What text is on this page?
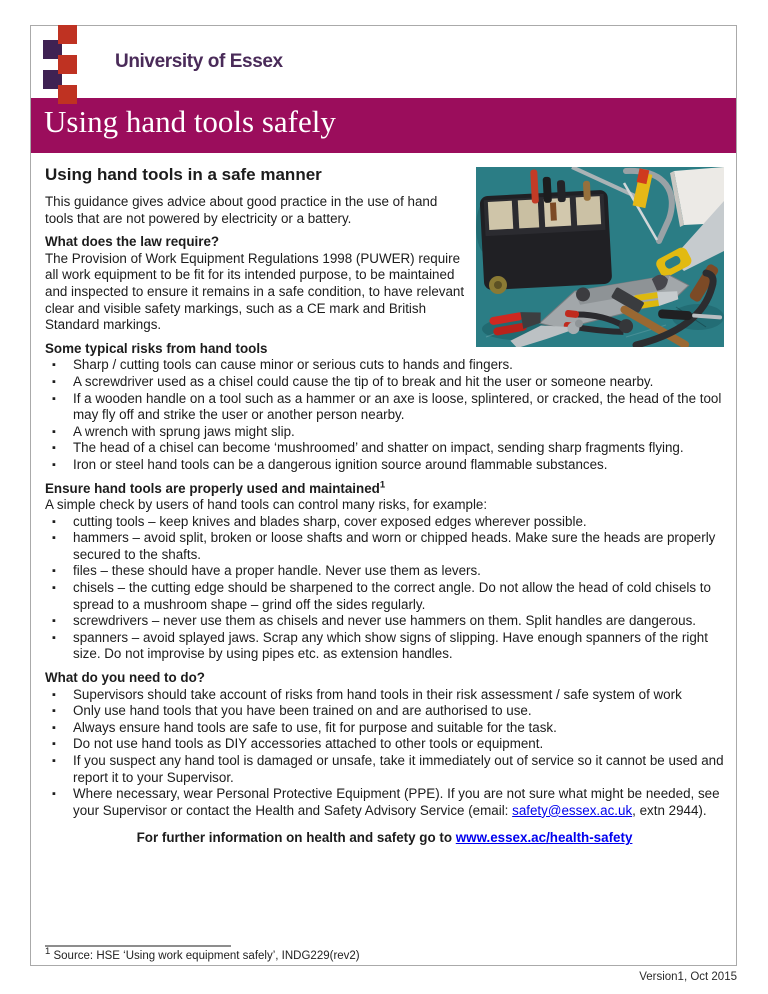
University of Essex
Using hand tools safely
Using hand tools in a safe manner

This guidance gives advice about good practice in the use of hand tools that are not powered by electricity or a battery.

What does the law require?

The Provision of Work Equipment Regulations 1998 (PUWER) require all work equipment to be fit for its intended purpose, to be maintained and inspected to ensure it remains in a safe condition, to have relevant clear and visible safety markings, such as a CE mark and British Standard markings.

Some typical risks from hand tools
▪ Sharp / cutting tools can cause minor or serious cuts to hands and fingers.
▪ A screwdriver used as a chisel could cause the tip of to break and hit the user or someone nearby.
▪ If a wooden handle on a tool such as a hammer or an axe is loose, splintered, or cracked, the head of the tool may fly off and strike the user or another person nearby.
▪ A wrench with sprung jaws might slip.
▪ The head of a chisel can become ‘mushroomed’ and shatter on impact, sending sharp fragments flying.
▪ Iron or steel hand tools can be a dangerous ignition source around flammable substances.
Ensure hand tools are properly used and maintained$^1$
A simple check by users of hand tools can control many risks, for example:
▪ cutting tools – keep knives and blades sharp, cover exposed edges wherever possible.
▪ hammers – avoid split, broken or loose shafts and worn or chipped heads. Make sure the heads are properly secured to the shafts.
▪ files – these should have a proper handle. Never use them as levers.
▪ chisels – the cutting edge should be sharpened to the correct angle. Do not allow the head of cold chisels to spread to a mushroom shape – grind off the sides regularly.
▪ screwdrivers – never use them as chisels and never use hammers on them. Split handles are dangerous.
▪ spanners – avoid splayed jaws. Scrap any which show signs of slipping. Have enough spanners of the right size. Do not improvise by using pipes etc. as extension handles.
What do you need to do?
▪ Supervisors should take account of risks from hand tools in their risk assessment / safe system of work
▪ Only use hand tools that you have been trained on and are authorised to use.
▪ Always ensure hand tools are safe to use, fit for purpose and suitable for the task.
▪ Do not use hand tools as DIY accessories attached to other tools or equipment.
▪ If you suspect any hand tool is damaged or unsafe, take it immediately out of service so it cannot be used and report it to your Supervisor.
▪ Where necessary, wear Personal Protective Equipment (PPE). If you are not sure what might be needed, see your Supervisor or contact the Health and Safety Advisory Service (email: safety@essex.ac.uk, extn 2944).

For further information on health and safety go to www.essex.ac/health-safety

$^1$ Source: HSE ‘Using work equipment safely’, INDG229(rev2)
Version1, Oct 2015
